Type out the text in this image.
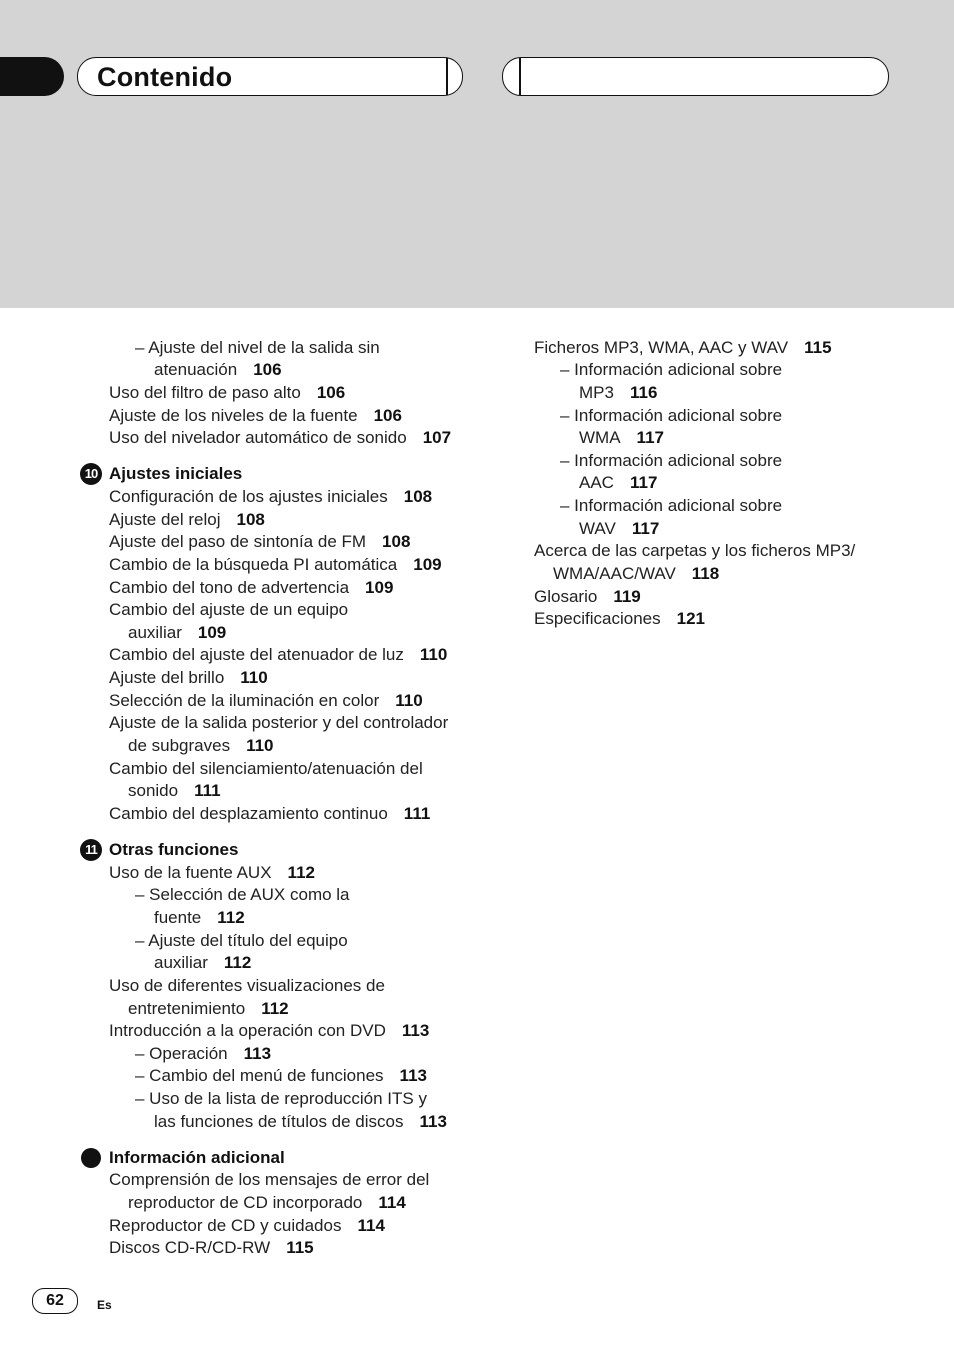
Contenido
– Ajuste del nivel de la salida sin
atenuación 106
Uso del filtro de paso alto 106
Ajuste de los niveles de la fuente 106
Uso del nivelador automático de sonido 107
10 Ajustes iniciales
Configuración de los ajustes iniciales 108
Ajuste del reloj 108
Ajuste del paso de sintonía de FM 108
Cambio de la búsqueda PI automática 109
Cambio del tono de advertencia 109
Cambio del ajuste de un equipo
auxiliar 109
Cambio del ajuste del atenuador de luz 110
Ajuste del brillo 110
Selección de la iluminación en color 110
Ajuste de la salida posterior y del controlador
de subgraves 110
Cambio del silenciamiento/atenuación del
sonido 111
Cambio del desplazamiento continuo 111
11 Otras funciones
Uso de la fuente AUX 112
– Selección de AUX como la
fuente 112
– Ajuste del título del equipo
auxiliar 112
Uso de diferentes visualizaciones de
entretenimiento 112
Introducción a la operación con DVD 113
– Operación 113
– Cambio del menú de funciones 113
– Uso de la lista de reproducción ITS y
las funciones de títulos de discos 113
Información adicional
Comprensión de los mensajes de error del
reproductor de CD incorporado 114
Reproductor de CD y cuidados 114
Discos CD-R/CD-RW 115
Ficheros MP3, WMA, AAC y WAV 115
– Información adicional sobre
MP3 116
– Información adicional sobre
WMA 117
– Información adicional sobre
AAC 117
– Información adicional sobre
WAV 117
Acerca de las carpetas y los ficheros MP3/
WMA/AAC/WAV 118
Glosario 119
Especificaciones 121
62	Es
